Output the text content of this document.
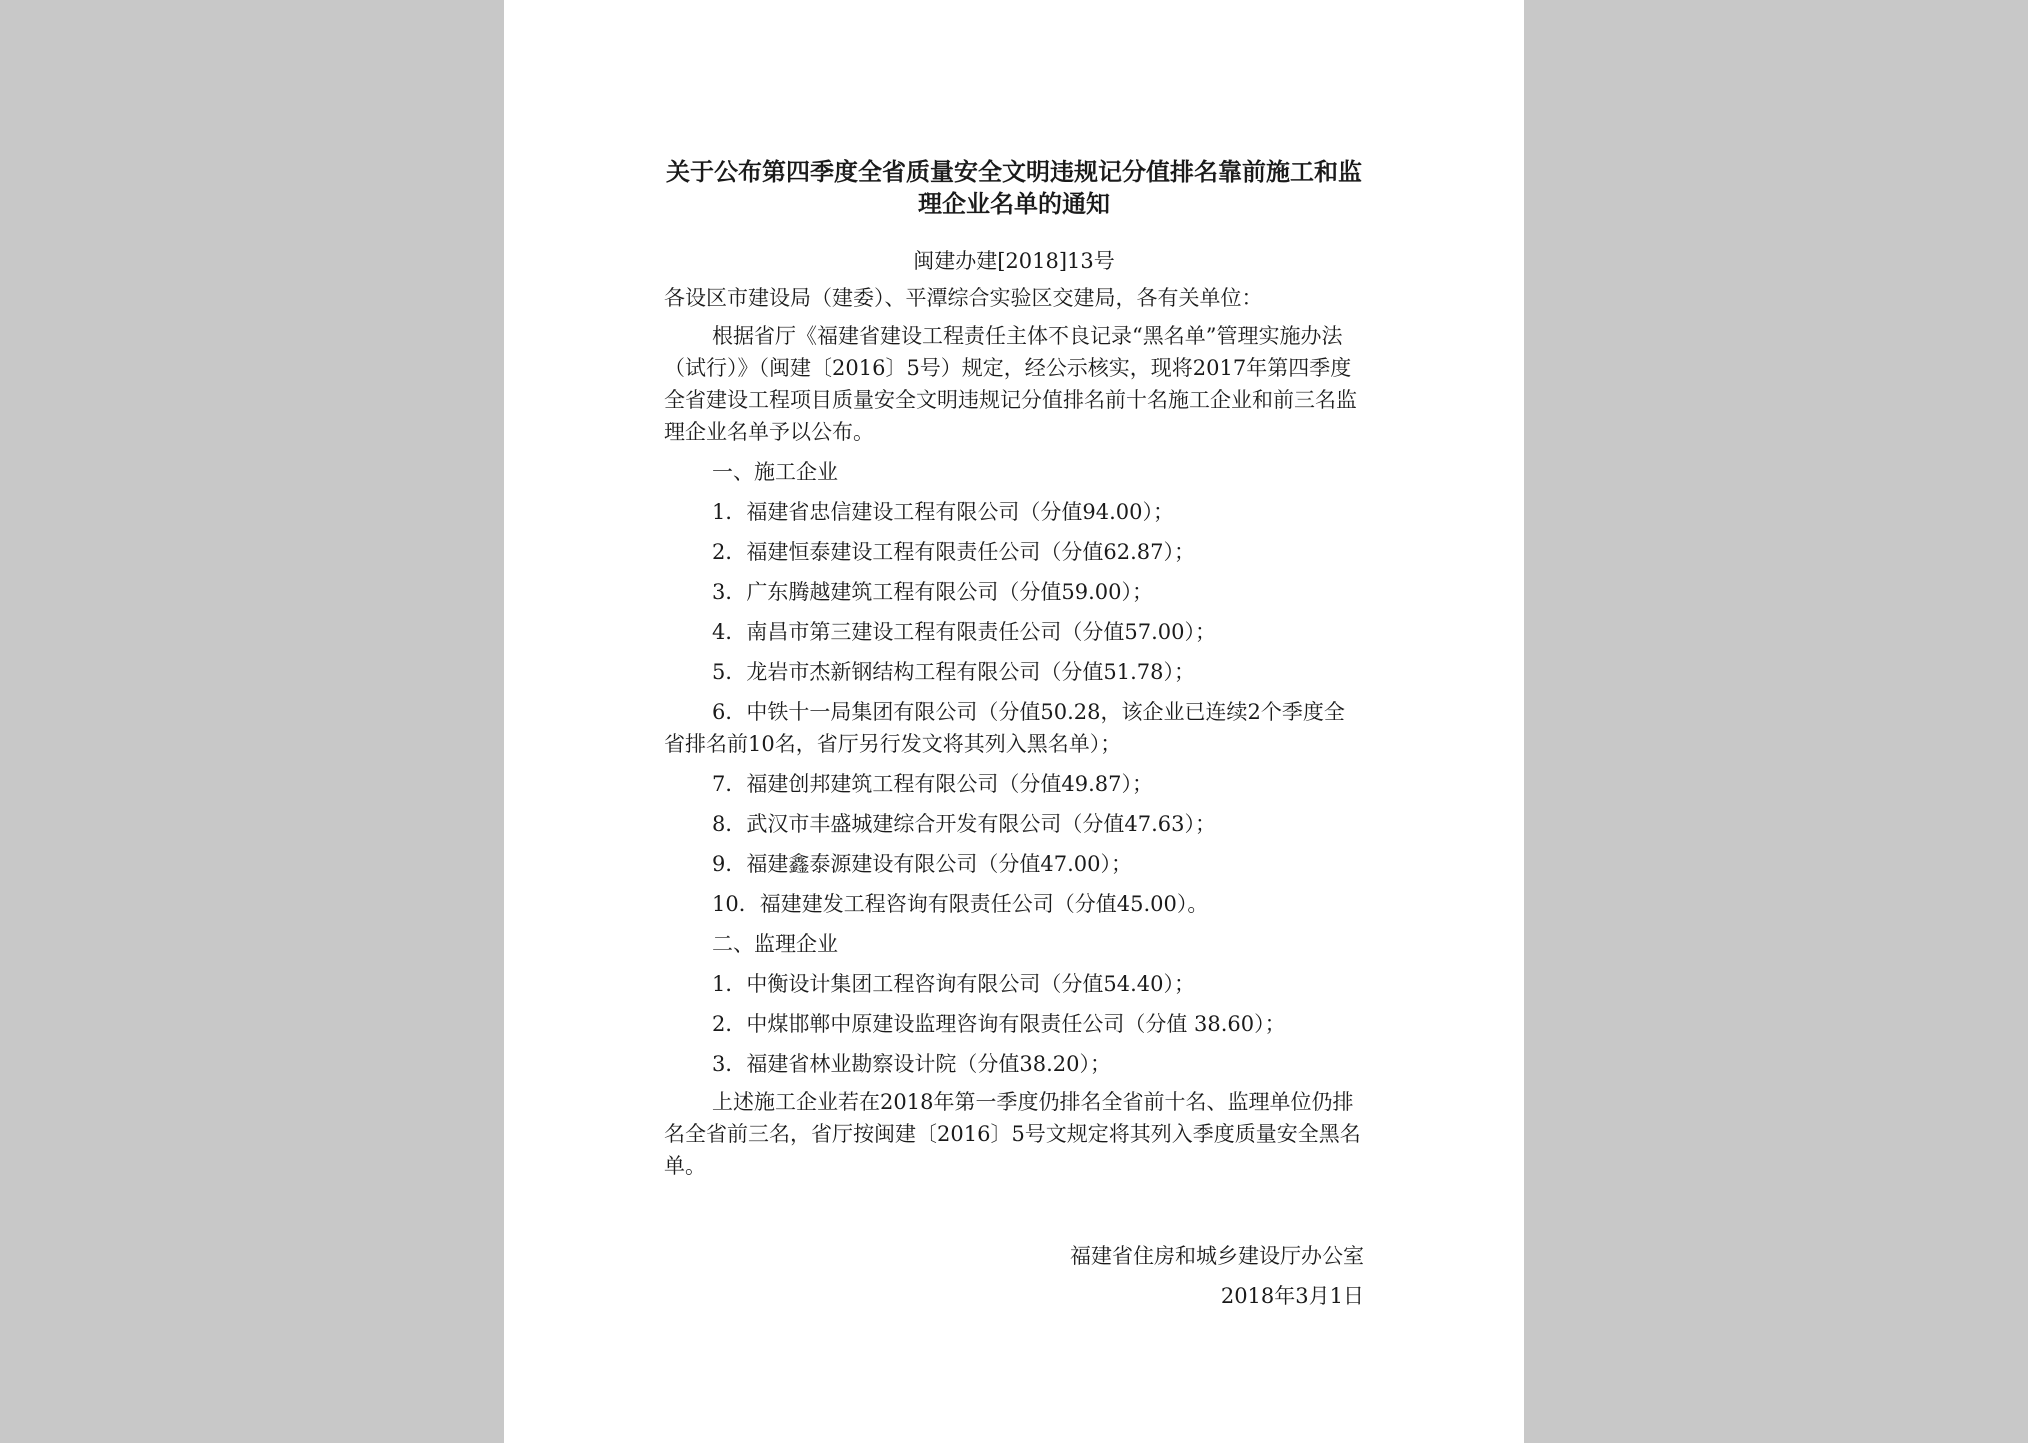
关于公布第四季度全省质量安全文明违规记分值排名靠前施工和监理企业名单的通知
闽建办建[2018]13号
各设区市建设局（建委）、平潭综合实验区交建局，各有关单位：

根据省厅《福建省建设工程责任主体不良记录“黑名单”管理实施办法（试行）》（闽建〔2016〕5号）规定，经公示核实，现将2017年第四季度全省建设工程项目质量安全文明违规记分值排名前十名施工企业和前三名监理企业名单予以公布。

一、施工企业
1．福建省忠信建设工程有限公司（分值94.00）；
2．福建恒泰建设工程有限责任公司（分值62.87）；
3．广东腾越建筑工程有限公司（分值59.00）；
4．南昌市第三建设工程有限责任公司（分值57.00）；
5．龙岩市杰新钢结构工程有限公司（分值51.78）；
6．中铁十一局集团有限公司（分值50.28，该企业已连续2个季度全省排名前10名，省厅另行发文将其列入黑名单）；
7．福建创邦建筑工程有限公司（分值49.87）；
8．武汉市丰盛城建综合开发有限公司（分值47.63）；
9．福建鑫泰源建设有限公司（分值47.00）；
10．福建建发工程咨询有限责任公司（分值45.00）。
二、监理企业
1．中衡设计集团工程咨询有限公司（分值54.40）；
2．中煤邯郸中原建设监理咨询有限责任公司（分值 38.60）；
3．福建省林业勘察设计院（分值38.20）；

上述施工企业若在2018年第一季度仍排名全省前十名、监理单位仍排名全省前三名，省厅按闽建〔2016〕5号文规定将其列入季度质量安全黑名单。

福建省住房和城乡建设厅办公室
2018年3月1日
